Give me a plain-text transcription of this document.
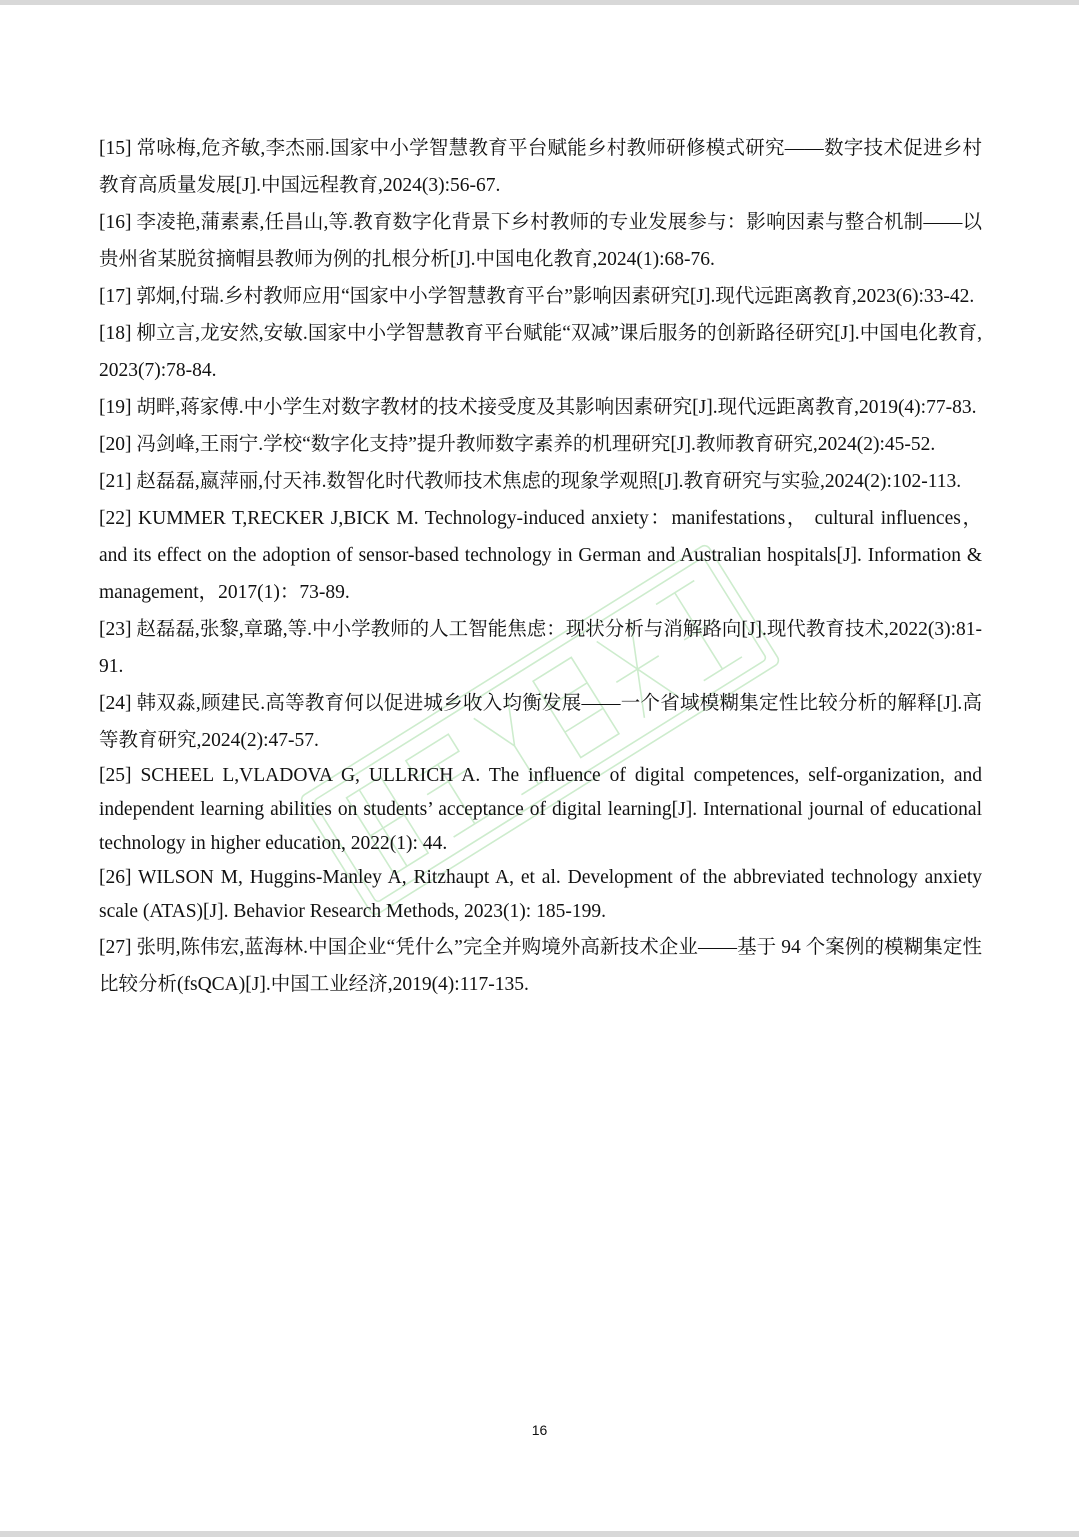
[15] 常咏梅,危齐敏,李杰丽.国家中小学智慧教育平台赋能乡村教师研修模式研究——数字技术促进乡村教育高质量发展[J].中国远程教育,2024(3):56-67.

[16] 李凌艳,蒲素素,任昌山,等.教育数字化背景下乡村教师的专业发展参与：影响因素与整合机制——以贵州省某脱贫摘帽县教师为例的扎根分析[J].中国电化教育,2024(1):68-76.

[17] 郭炯,付瑞.乡村教师应用“国家中小学智慧教育平台”影响因素研究[J].现代远距离教育,2023(6):33-42.

[18] 柳立言,龙安然,安敏.国家中小学智慧教育平台赋能“双减”课后服务的创新路径研究[J].中国电化教育,2023(7):78-84.

[19] 胡畔,蒋家傅.中小学生对数字教材的技术接受度及其影响因素研究[J].现代远距离教育,2019(4):77-83.

[20] 冯剑峰,王雨宁.学校“数字化支持”提升教师数字素养的机理研究[J].教师教育研究,2024(2):45-52.

[21] 赵磊磊,嬴萍丽,付天祎.数智化时代教师技术焦虑的现象学观照[J].教育研究与实验,2024(2):102-113.

[22] KUMMER T,RECKER J,BICK M. Technology-induced anxiety：manifestations， cultural influences，and its effect on the adoption of sensor-based technology in German and Australian hospitals[J]. Information & management，2017(1)：73-89.

[23] 赵磊磊,张黎,章璐,等.中小学教师的人工智能焦虑：现状分析与消解路向[J].现代教育技术,2022(3):81-91.

[24] 韩双淼,顾建民.高等教育何以促进城乡收入均衡发展——一个省域模糊集定性比较分析的解释[J].高等教育研究,2024(2):47-57.

[25] SCHEEL L,VLADOVA G, ULLRICH A. The influence of digital competences, self-organization, and independent learning abilities on students’ acceptance of digital learning[J]. International journal of educational technology in higher education, 2022(1): 44.

[26] WILSON M, Huggins-Manley A, Ritzhaupt A, et al. Development of the abbreviated technology anxiety scale (ATAS)[J]. Behavior Research Methods, 2023(1): 185-199.

[27] 张明,陈伟宏,蓝海林.中国企业“凭什么”完全并购境外高新技术企业——基于 94 个案例的模糊集定性比较分析(fsQCA)[J].中国工业经济,2019(4):117-135.

16
